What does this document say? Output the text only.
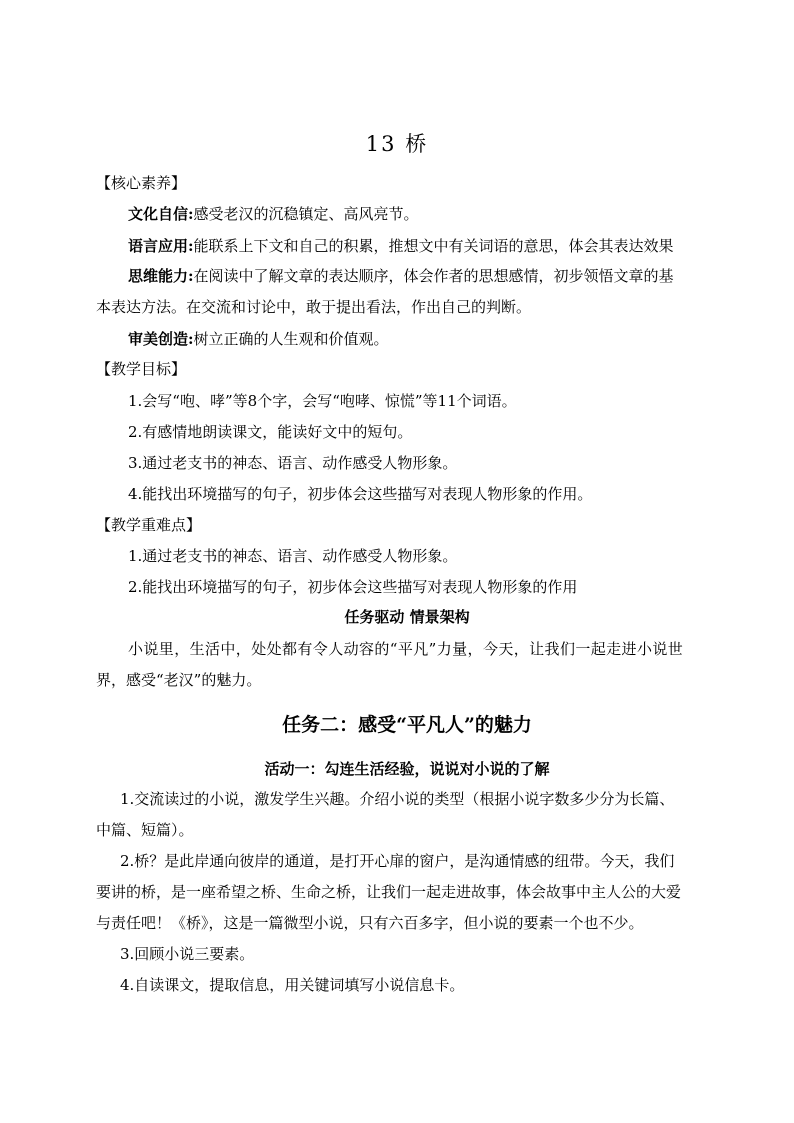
13 桥
【核心素养】
文化自信:感受老汉的沉稳镇定、高风亮节。
语言应用:能联系上下文和自己的积累，推想文中有关词语的意思，体会其表达效果
思维能力:在阅读中了解文章的表达顺序，体会作者的思想感情，初步领悟文章的基
本表达方法。在交流和讨论中，敢于提出看法，作出自己的判断。
审美创造:树立正确的人生观和价值观。
【教学目标】
1.会写“咆、哮”等8个字，会写“咆哮、惊慌”等11个词语。
2.有感情地朗读课文，能读好文中的短句。
3.通过老支书的神态、语言、动作感受人物形象。
4.能找出环境描写的句子，初步体会这些描写对表现人物形象的作用。
【教学重难点】
1.通过老支书的神态、语言、动作感受人物形象。
2.能找出环境描写的句子，初步体会这些描写对表现人物形象的作用
任务驱动 情景架构
小说里，生活中，处处都有令人动容的“平凡”力量，今天，让我们一起走进小说世
界，感受“老汉”的魅力。
任务二：感受“平凡人”的魅力
活动一：勾连生活经验，说说对小说的了解
1.交流读过的小说，激发学生兴趣。介绍小说的类型（根据小说字数多少分为长篇、
中篇、短篇）。
2.桥？是此岸通向彼岸的通道，是打开心扉的窗户，是沟通情感的纽带。今天，我们
要讲的桥，是一座希望之桥、生命之桥，让我们一起走进故事，体会故事中主人公的大爱
与责任吧！《桥》，这是一篇微型小说，只有六百多字，但小说的要素一个也不少。
3.回顾小说三要素。
4.自读课文，提取信息，用关键词填写小说信息卡。
